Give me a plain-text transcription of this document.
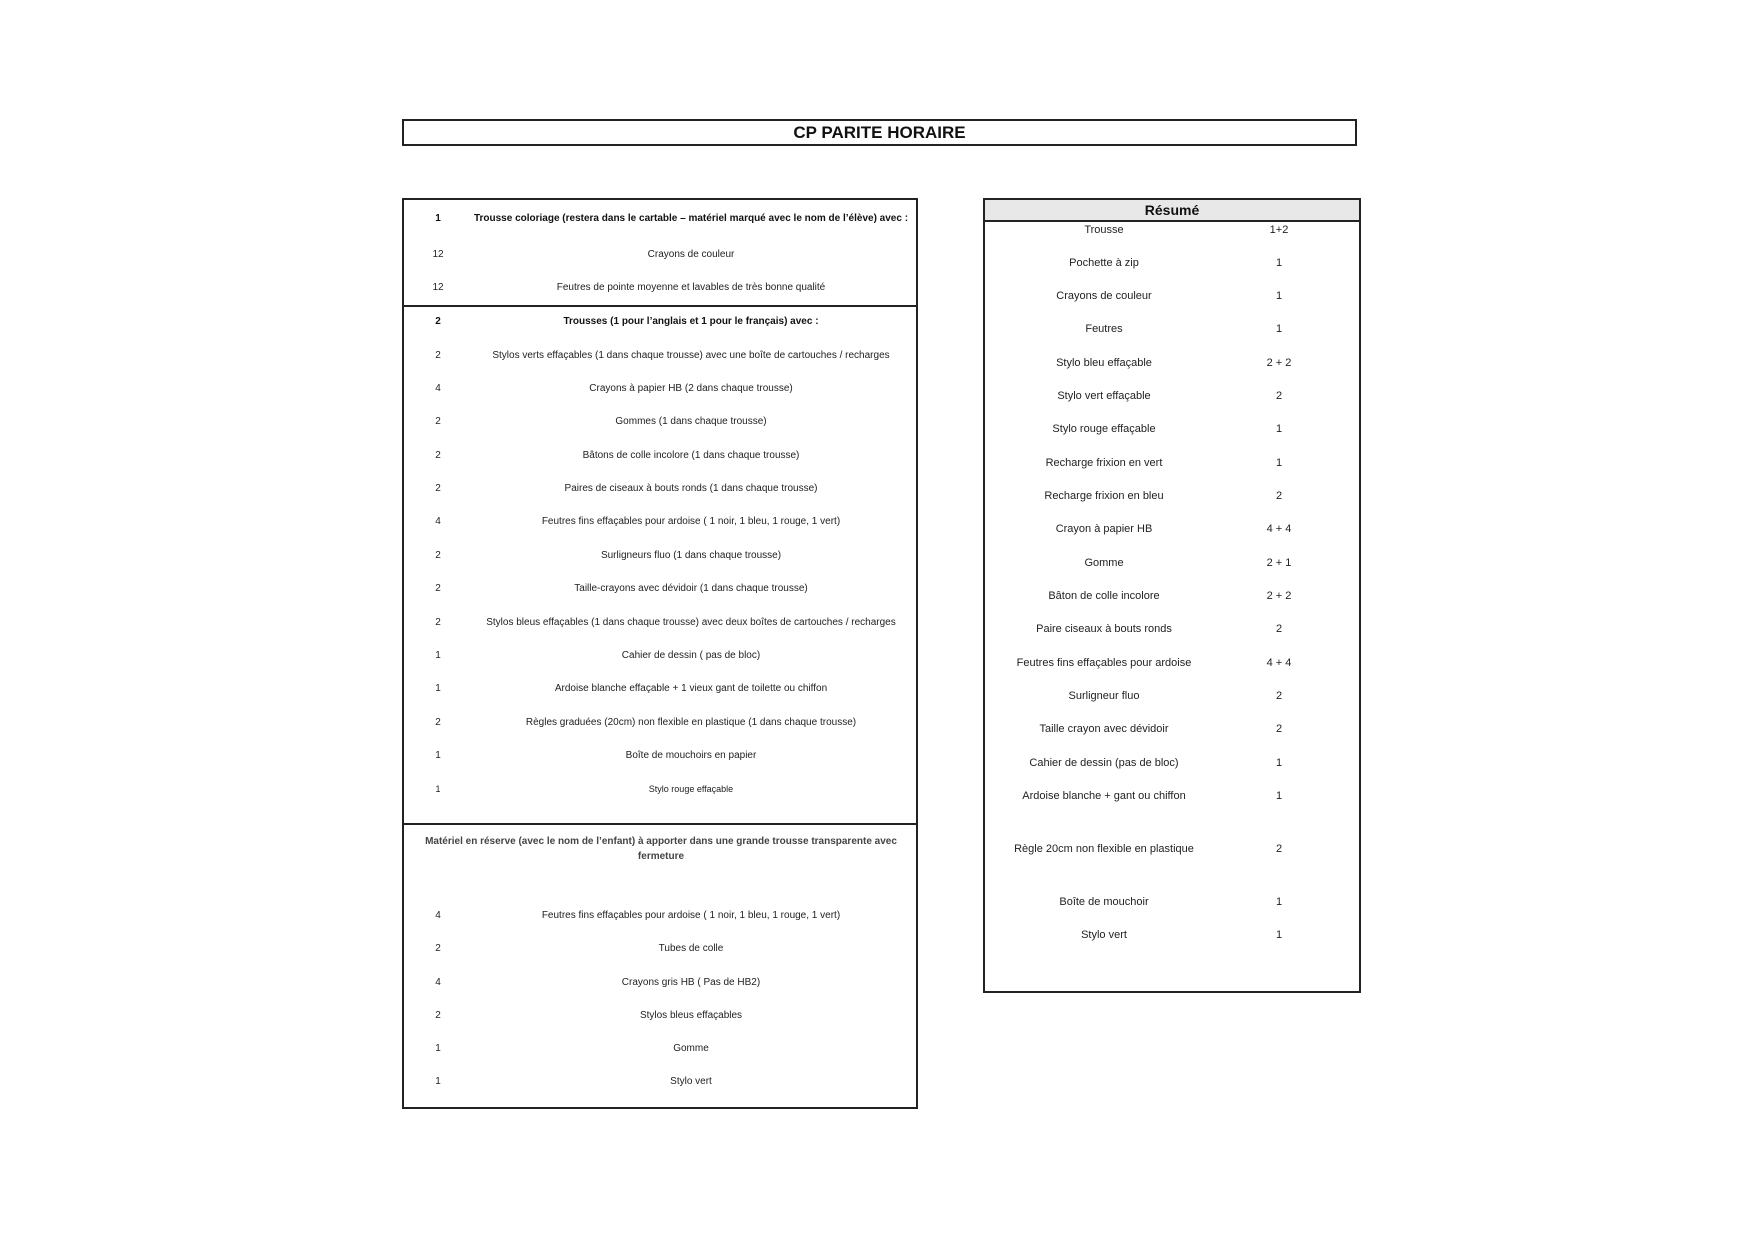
CP PARITE HORAIRE
1	Trousse coloriage (restera dans le cartable – matériel marqué avec le nom de l’élève) avec :
12	Crayons de couleur
12	Feutres de pointe moyenne et lavables de très bonne qualité
2	Trousses (1 pour l’anglais et 1 pour le français) avec :
2	Stylos verts effaçables (1 dans chaque trousse) avec une boîte de cartouches / recharges
4	Crayons à papier HB (2 dans chaque trousse)
2	Gommes (1 dans chaque trousse)
2	Bâtons de colle incolore (1 dans chaque trousse)
2	Paires de ciseaux à bouts ronds (1 dans chaque trousse)
4	Feutres fins effaçables pour ardoise ( 1 noir, 1 bleu, 1 rouge, 1 vert)
2	Surligneurs fluo (1 dans chaque trousse)
2	Taille-crayons avec dévidoir (1 dans chaque trousse)
2	Stylos bleus effaçables (1 dans chaque trousse) avec deux boîtes de cartouches / recharges
1	Cahier de dessin ( pas de bloc)
1	Ardoise blanche effaçable + 1 vieux gant de toilette ou chiffon
2	Règles graduées (20cm) non flexible en plastique (1 dans chaque trousse)
1	Boîte de mouchoirs en papier
1	Stylo rouge effaçable
Matériel en réserve (avec le nom de l’enfant) à apporter dans une grande trousse transparente avec fermeture
4	Feutres fins effaçables pour ardoise ( 1 noir, 1 bleu, 1 rouge, 1 vert)
2	Tubes de colle
4	Crayons gris HB ( Pas de HB2)
2	Stylos bleus effaçables
1	Gomme
1	Stylo vert
Résumé
Trousse	1+2
Pochette à zip	1
Crayons de couleur	1
Feutres	1
Stylo bleu effaçable	2 + 2
Stylo vert effaçable	2
Stylo rouge effaçable	1
Recharge frixion en vert	1
Recharge frixion en bleu	2
Crayon à papier HB	4 + 4
Gomme	2 + 1
Bâton de colle incolore	2 + 2
Paire ciseaux à bouts ronds	2
Feutres fins effaçables pour ardoise	4 + 4
Surligneur fluo	2
Taille crayon avec dévidoir	2
Cahier de dessin (pas de bloc)	1
Ardoise blanche + gant ou chiffon	1
Règle 20cm non flexible en plastique	2
Boîte de mouchoir	1
Stylo vert	1
